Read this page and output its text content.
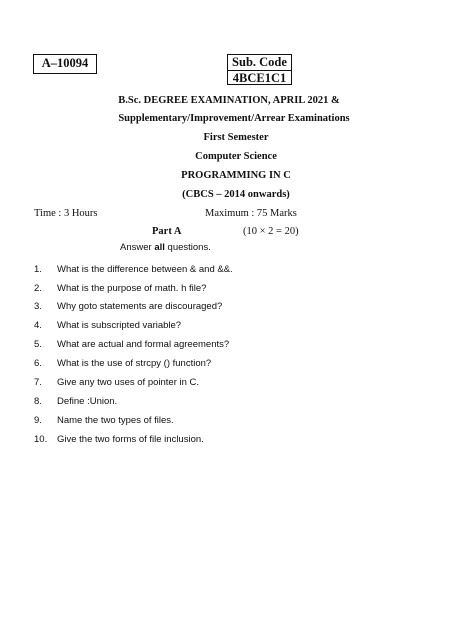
A–10094	Sub. Code
4BCE1C1
B.Sc. DEGREE EXAMINATION, APRIL 2021 &
Supplementary/Improvement/Arrear Examinations
First Semester
Computer Science
PROGRAMMING IN C
(CBCS – 2014 onwards)
Time : 3 Hours	Maximum : 75 Marks
Part A	(10 × 2 = 20)
Answer all questions.
1. What is the difference between & and &&.
2. What is the purpose of math. h file?
3. Why goto statements are discouraged?
4. What is subscripted variable?
5. What are actual and formal agreements?
6. What is the use of strcpy () function?
7. Give any two uses of pointer in C.
8. Define :Union.
9. Name the two types of files.
10. Give the two forms of file inclusion.
